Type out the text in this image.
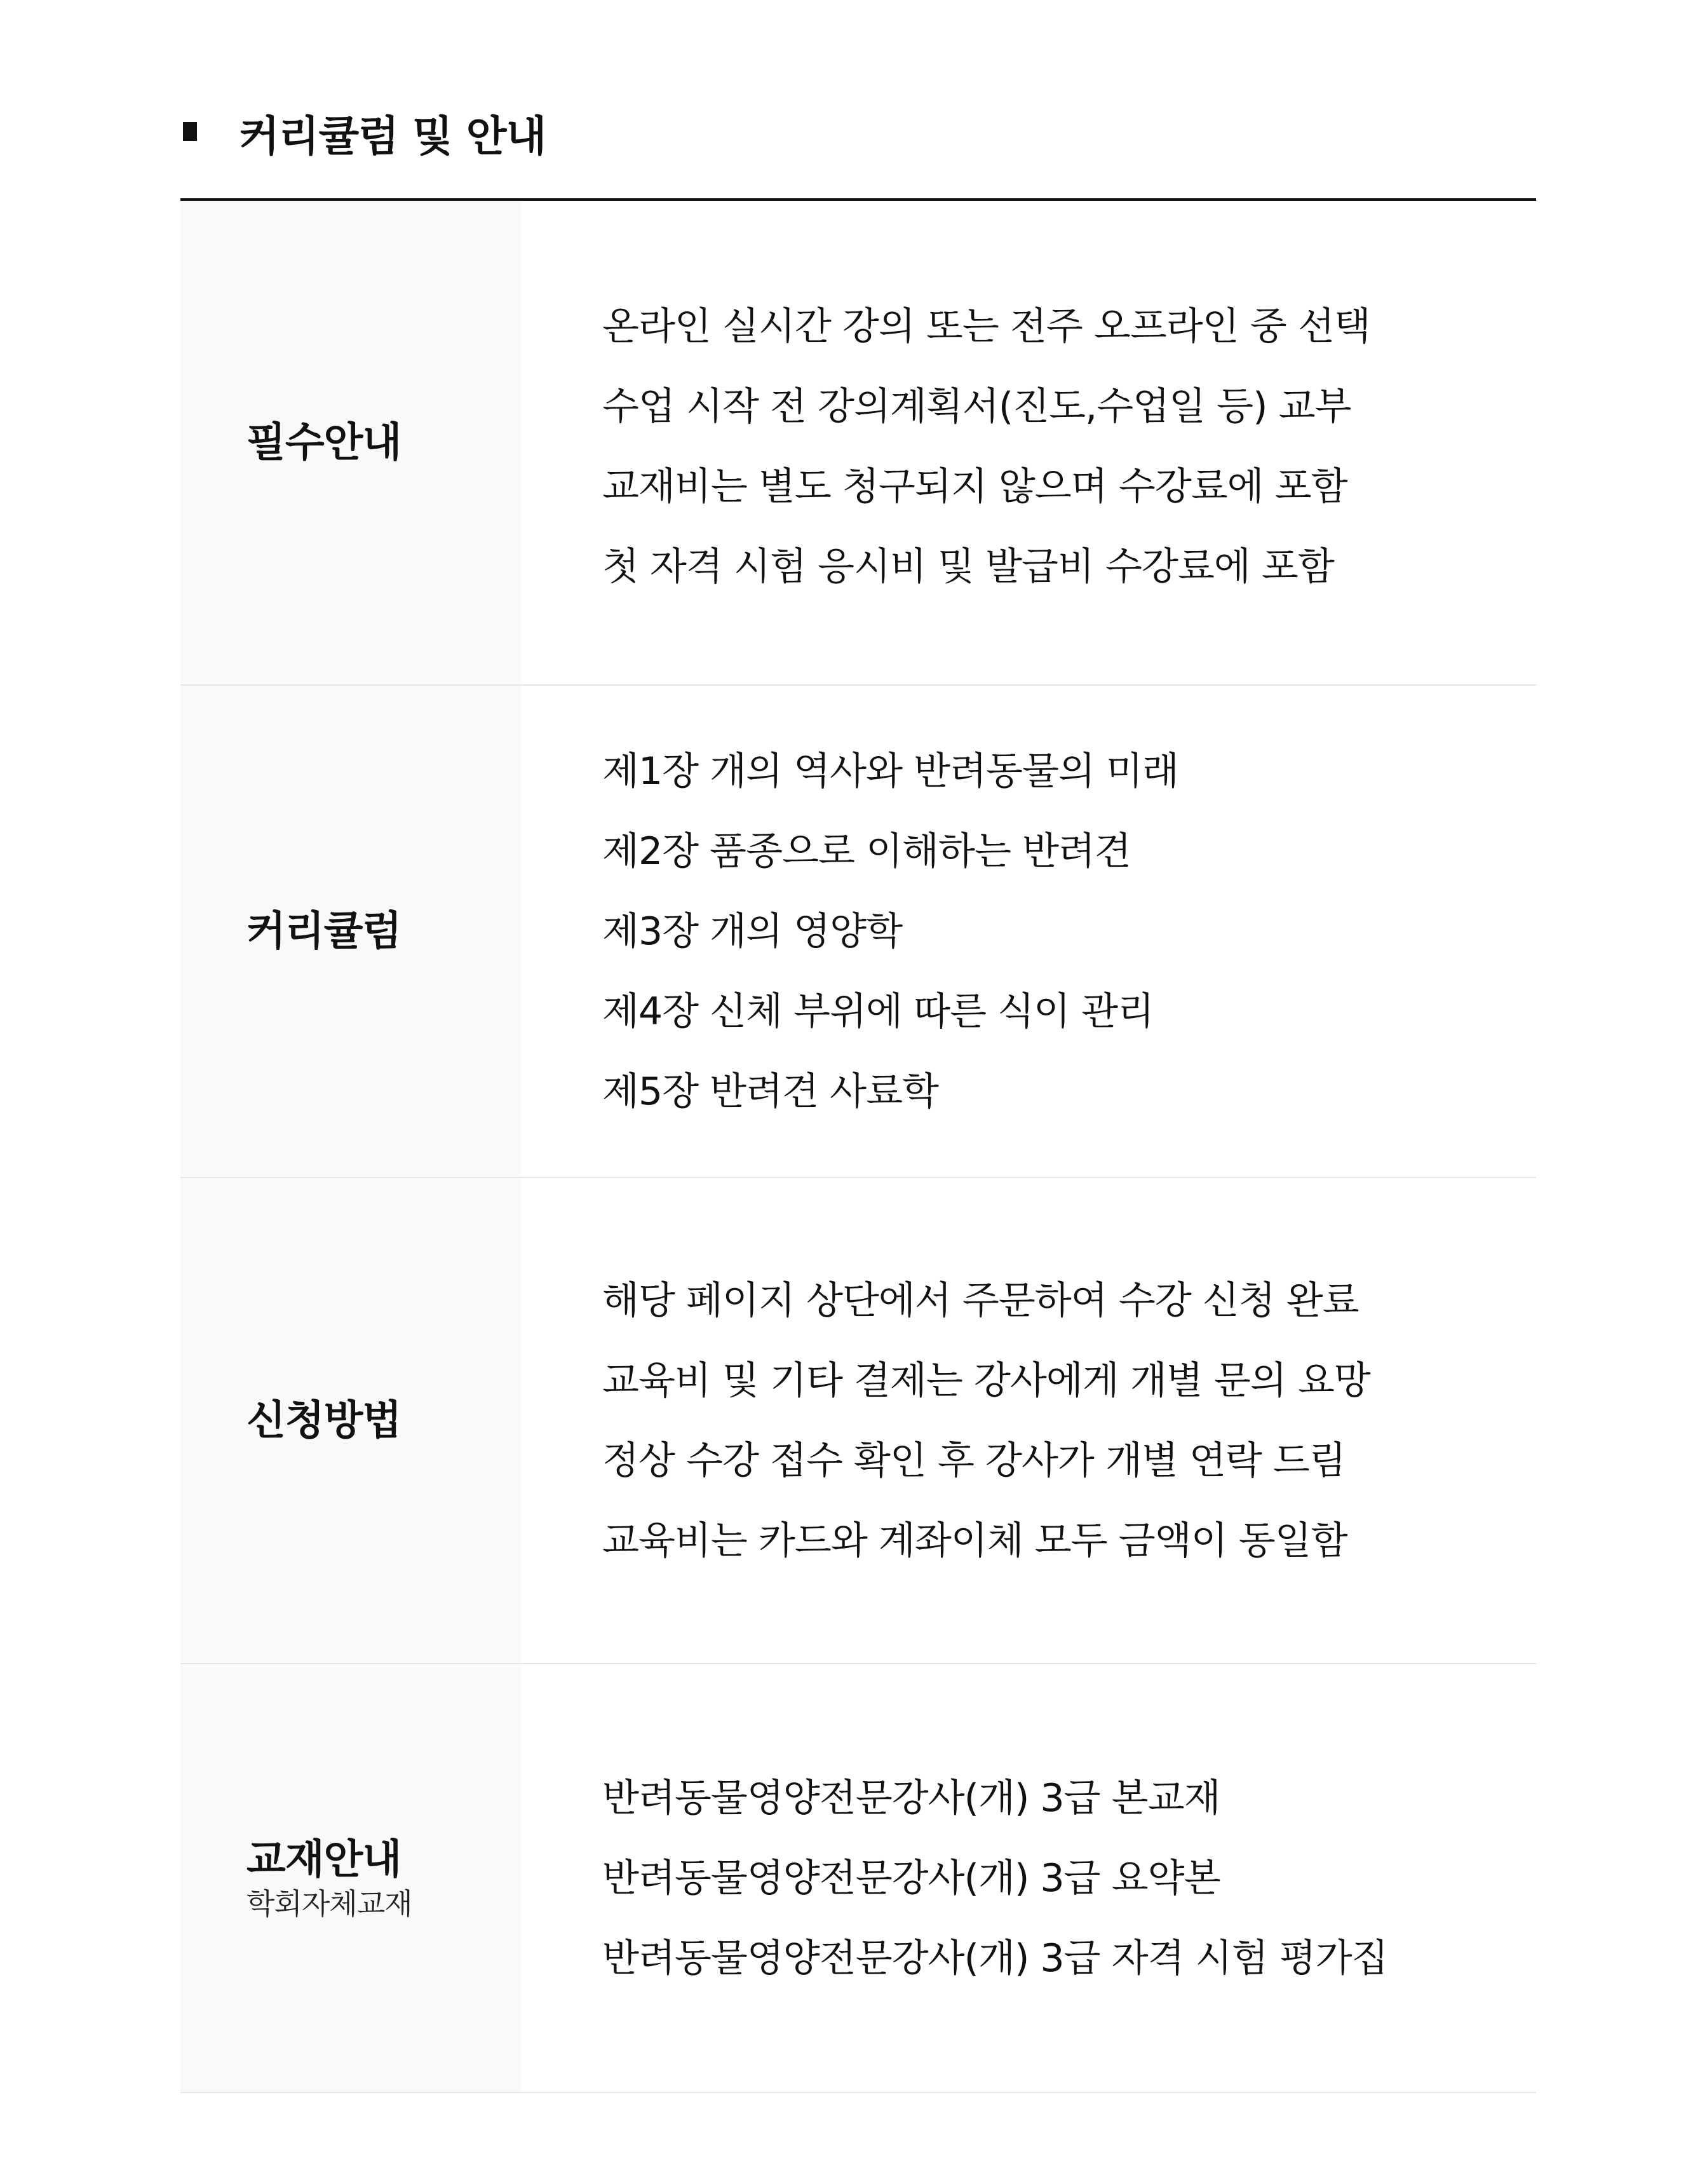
커리큘럼 및 안내
필수안내
온라인 실시간 강의 또는 전주 오프라인 중 선택
수업 시작 전 강의계획서(진도,수업일 등) 교부
교재비는 별도 청구되지 않으며 수강료에 포함
첫 자격 시험 응시비 및 발급비 수강료에 포함
커리큘럼
제1장 개의 역사와 반려동물의 미래
제2장 품종으로 이해하는 반려견
제3장 개의 영양학
제4장 신체 부위에 따른 식이 관리
제5장 반려견 사료학
신청방법
해당 페이지 상단에서 주문하여 수강 신청 완료
교육비 및 기타 결제는 강사에게 개별 문의 요망
정상 수강 접수 확인 후 강사가 개별 연락 드림
교육비는 카드와 계좌이체 모두 금액이 동일함
교재안내
학회자체교재
반려동물영양전문강사(개) 3급 본교재
반려동물영양전문강사(개) 3급 요약본
반려동물영양전문강사(개) 3급 자격 시험 평가집
